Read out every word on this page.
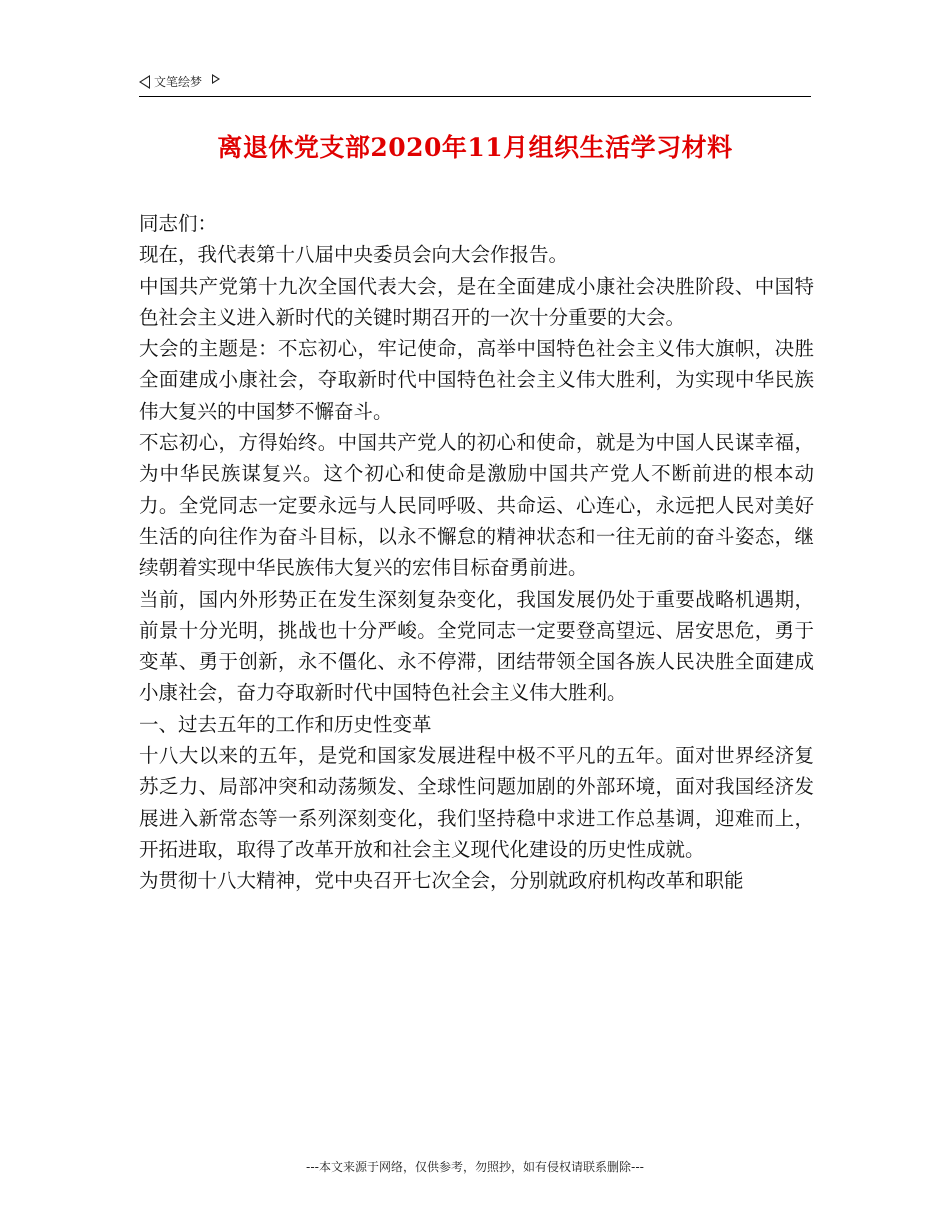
文笔绘梦
离退休党支部2020年11月组织生活学习材料

同志们：

现在，我代表第十八届中央委员会向大会作报告。

中国共产党第十九次全国代表大会，是在全面建成小康社会决胜阶段、中国特色社会主义进入新时代的关键时期召开的一次十分重要的大会。

大会的主题是：不忘初心，牢记使命，高举中国特色社会主义伟大旗帜，决胜全面建成小康社会，夺取新时代中国特色社会主义伟大胜利，为实现中华民族伟大复兴的中国梦不懈奋斗。

不忘初心，方得始终。中国共产党人的初心和使命，就是为中国人民谋幸福，为中华民族谋复兴。这个初心和使命是激励中国共产党人不断前进的根本动力。全党同志一定要永远与人民同呼吸、共命运、心连心，永远把人民对美好生活的向往作为奋斗目标，以永不懈怠的精神状态和一往无前的奋斗姿态，继续朝着实现中华民族伟大复兴的宏伟目标奋勇前进。

当前，国内外形势正在发生深刻复杂变化，我国发展仍处于重要战略机遇期，前景十分光明，挑战也十分严峻。全党同志一定要登高望远、居安思危，勇于变革、勇于创新，永不僵化、永不停滞，团结带领全国各族人民决胜全面建成小康社会，奋力夺取新时代中国特色社会主义伟大胜利。

一、过去五年的工作和历史性变革

十八大以来的五年，是党和国家发展进程中极不平凡的五年。面对世界经济复苏乏力、局部冲突和动荡频发、全球性问题加剧的外部环境，面对我国经济发展进入新常态等一系列深刻变化，我们坚持稳中求进工作总基调，迎难而上，开拓进取，取得了改革开放和社会主义现代化建设的历史性成就。

为贯彻十八大精神，党中央召开七次全会，分别就政府机构改革和职能

---本文来源于网络，仅供参考，勿照抄，如有侵权请联系删除---
